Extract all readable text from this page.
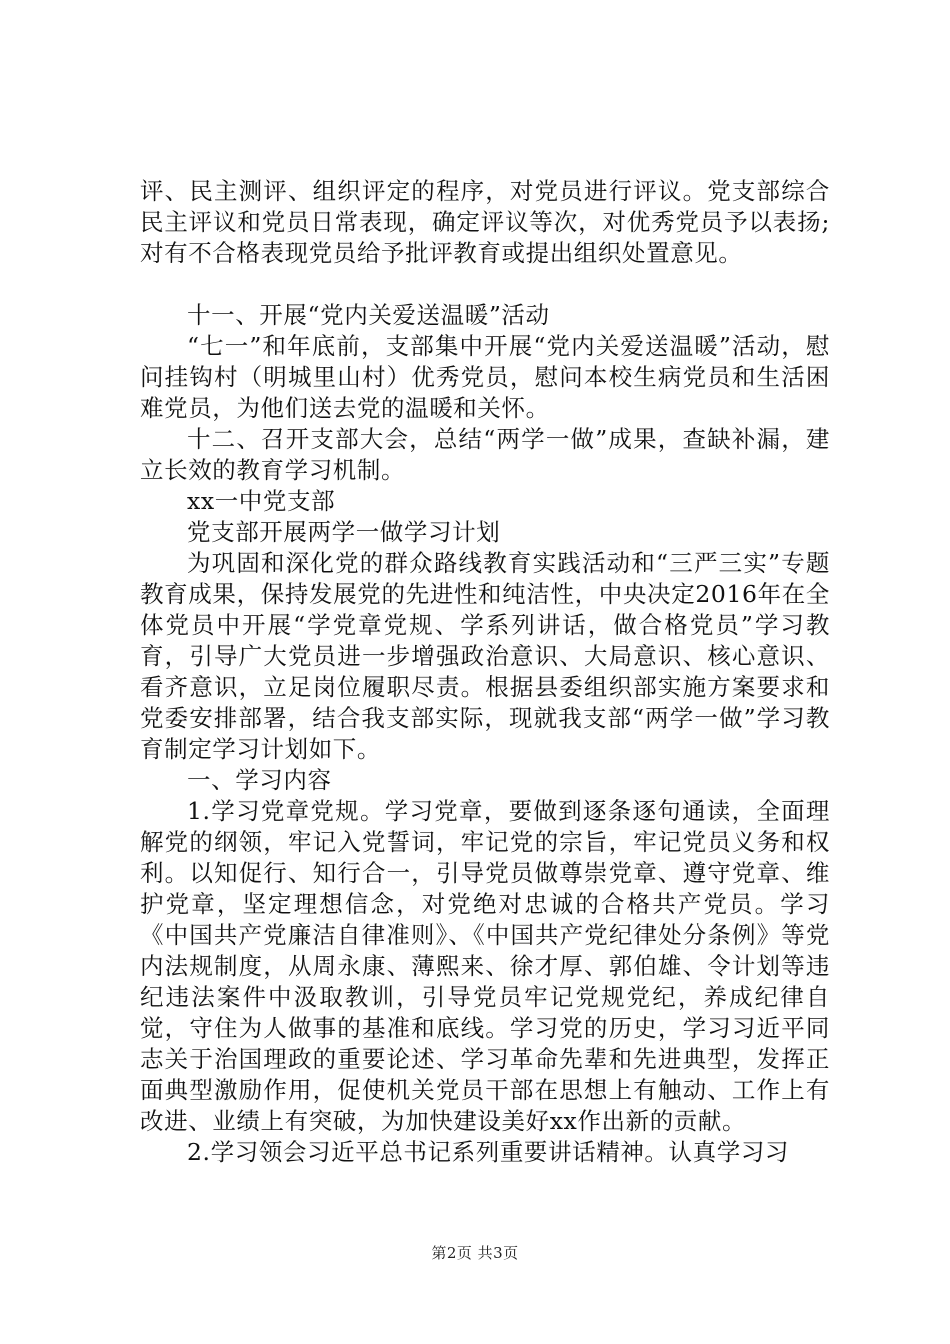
评、民主测评、组织评定的程序，对党员进行评议。党支部综合民主评议和党员日常表现，确定评议等次，对优秀党员予以表扬;对有不合格表现党员给予批评教育或提出组织处置意见。

十一、开展“党内关爱送温暖”活动

“七一”和年底前，支部集中开展“党内关爱送温暖”活动，慰问挂钩村（明城里山村）优秀党员，慰问本校生病党员和生活困难党员，为他们送去党的温暖和关怀。

十二、召开支部大会，总结“两学一做”成果，查缺补漏，建立长效的教育学习机制。

xx一中党支部

党支部开展两学一做学习计划

为巩固和深化党的群众路线教育实践活动和“三严三实”专题教育成果，保持发展党的先进性和纯洁性，中央决定2016年在全体党员中开展“学党章党规、学系列讲话，做合格党员”学习教育，引导广大党员进一步增强政治意识、大局意识、核心意识、看齐意识，立足岗位履职尽责。根据县委组织部实施方案要求和党委安排部署，结合我支部实际，现就我支部“两学一做”学习教育制定学习计划如下。

一、学习内容

1.学习党章党规。学习党章，要做到逐条逐句通读，全面理解党的纲领，牢记入党誓词，牢记党的宗旨，牢记党员义务和权利。以知促行、知行合一，引导党员做尊崇党章、遵守党章、维护党章，坚定理想信念，对党绝对忠诚的合格共产党员。学习《中国共产党廉洁自律准则》、《中国共产党纪律处分条例》等党内法规制度，从周永康、薄熙来、徐才厚、郭伯雄、令计划等违纪违法案件中汲取教训，引导党员牢记党规党纪，养成纪律自觉，守住为人做事的基准和底线。学习党的历史，学习习近平同志关于治国理政的重要论述、学习革命先辈和先进典型，发挥正面典型激励作用，促使机关党员干部在思想上有触动、工作上有改进、业绩上有突破，为加快建设美好xx作出新的贡献。

2.学习领会习近平总书记系列重要讲话精神。认真学习习

第2页 共3页
